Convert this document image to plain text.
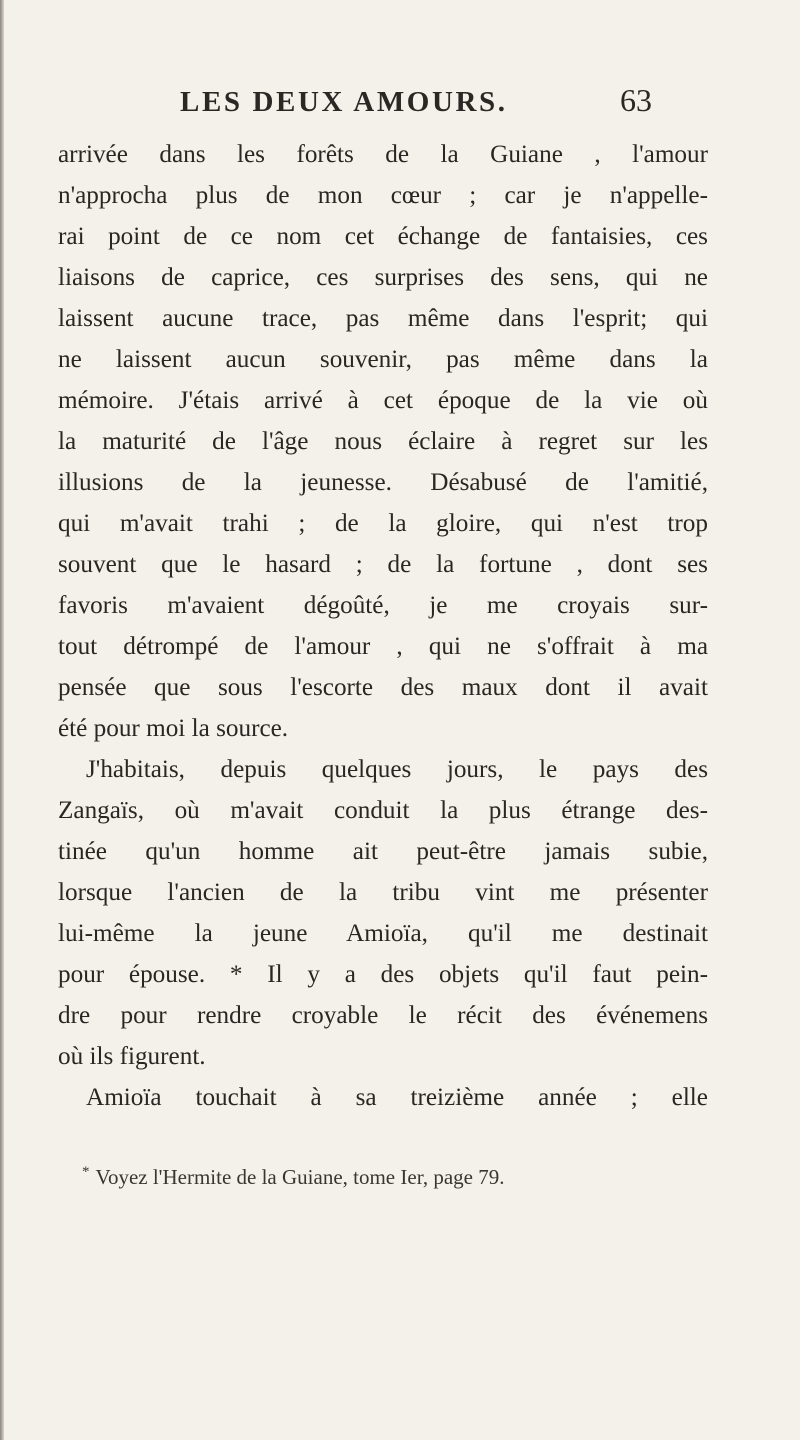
LES DEUX AMOURS.	63
arrivée dans les forêts de la Guiane , l'amour
n'approcha plus de mon cœur ; car je n'appelle-
rai point de ce nom cet échange de fantaisies, ces
liaisons de caprice, ces surprises des sens, qui ne
laissent aucune trace, pas même dans l'esprit; qui
ne laissent aucun souvenir, pas même dans la
mémoire. J'étais arrivé à cet époque de la vie où
la maturité de l'âge nous éclaire à regret sur les
illusions de la jeunesse. Désabusé de l'amitié,
qui m'avait trahi ; de la gloire, qui n'est trop
souvent que le hasard ; de la fortune , dont ses
favoris m'avaient dégoûté, je me croyais sur-
tout détrompé de l'amour , qui ne s'offrait à ma
pensée que sous l'escorte des maux dont il avait
été pour moi la source.
J'habitais, depuis quelques jours, le pays des
Zangaïs, où m'avait conduit la plus étrange des-
tinée qu'un homme ait peut-être jamais subie,
lorsque l'ancien de la tribu vint me présenter
lui-même la jeune Amioïa, qu'il me destinait
pour épouse. * Il y a des objets qu'il faut pein-
dre pour rendre croyable le récit des événemens
où ils figurent.
Amioïa touchait à sa treizième année ; elle
* Voyez l'Hermite de la Guiane, tome Ier, page 79.
